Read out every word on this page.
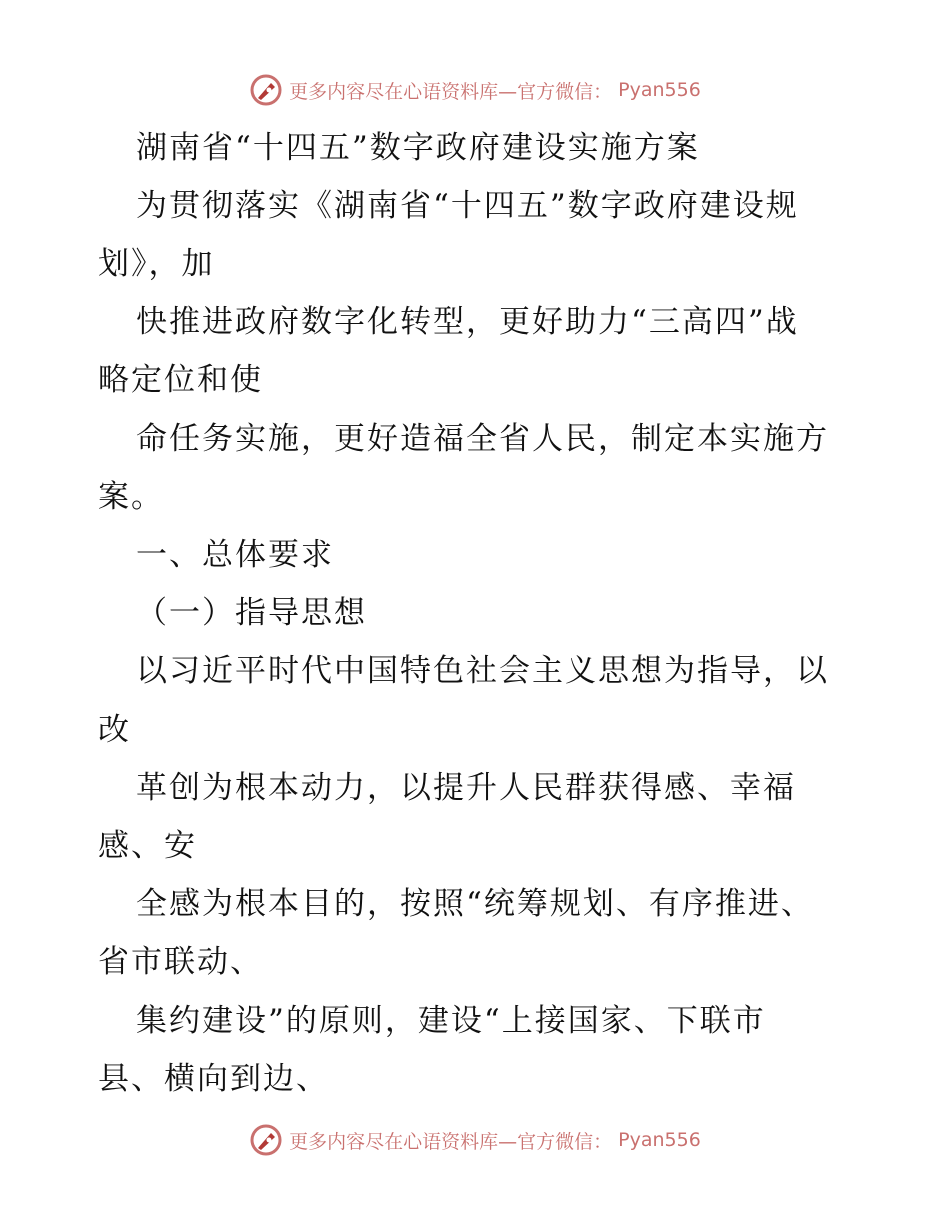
更多内容尽在心语资料库—官方微信： Pyan556
湖南省“十四五”数字政府建设实施方案
为贯彻落实《湖南省“十四五”数字政府建设规
划》，加
快推进政府数字化转型，更好助力“三高四”战
略定位和使
命任务实施，更好造福全省人民，制定本实施方
案。
一、总体要求
（一）指导思想
以习近平时代中国特色社会主义思想为指导，以
改
革创为根本动力，以提升人民群获得感、幸福
感、安
全感为根本目的，按照“统筹规划、有序推进、
省市联动、
集约建设”的原则，建设“上接国家、下联市
县、横向到边、
更多内容尽在心语资料库—官方微信： Pyan556
